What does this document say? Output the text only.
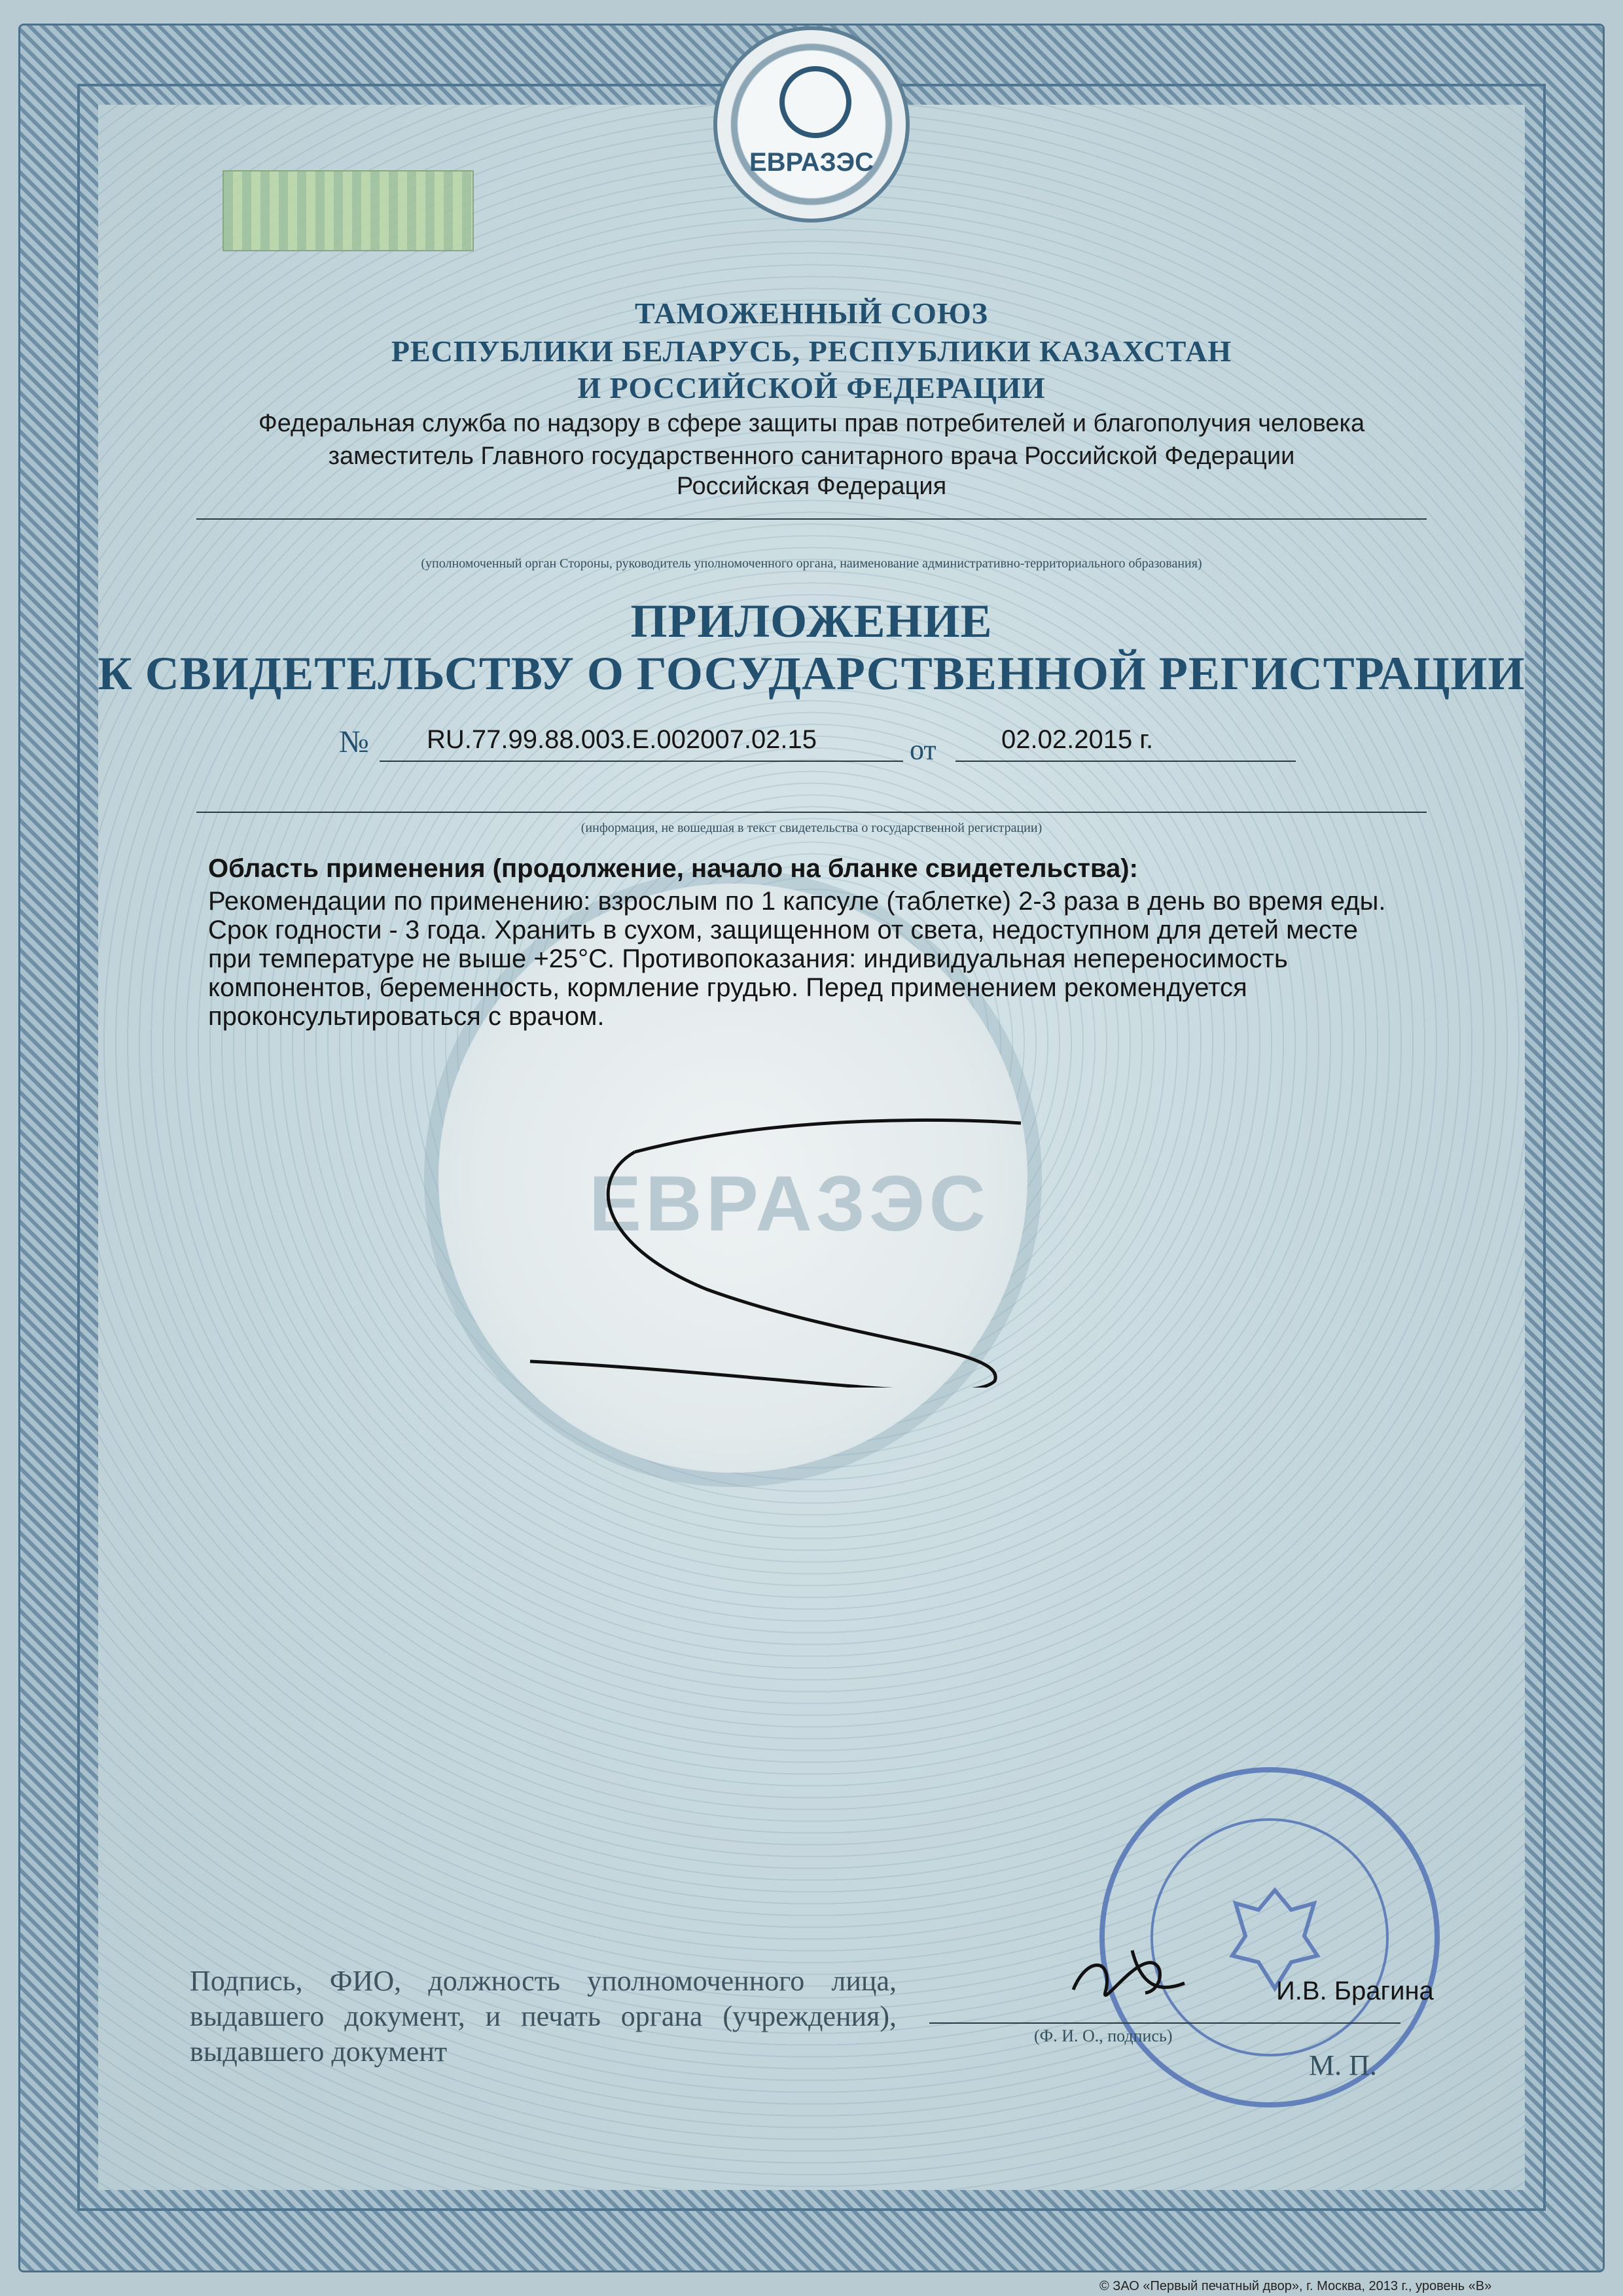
ЕВРАЗЭС
ЕВРАЗЭС
ТАМОЖЕННЫЙ СОЮЗ
РЕСПУБЛИКИ БЕЛАРУСЬ, РЕСПУБЛИКИ КАЗАХСТАН
И РОССИЙСКОЙ ФЕДЕРАЦИИ
Федеральная служба по надзору в сфере защиты прав потребителей и благополучия человека
заместитель Главного государственного санитарного врача Российской Федерации
Российская Федерация
(уполномоченный орган Стороны, руководитель уполномоченного органа, наименование административно-территориального образования)
ПРИЛОЖЕНИЕ
К СВИДЕТЕЛЬСТВУ О ГОСУДАРСТВЕННОЙ РЕГИСТРАЦИИ
№ RU.77.99.88.003.E.002007.02.15	от 02.02.2015 г.
(информация, не вошедшая в текст свидетельства о государственной регистрации)
Область применения (продолжение, начало на бланке свидетельства):
Рекомендации по применению: взрослым по 1 капсуле (таблетке) 2-3 раза в день во время еды.
Срок годности - 3 года. Хранить в сухом, защищенном от света, недоступном для детей месте
при температуре не выше +25°С. Противопоказания: индивидуальная непереносимость
компонентов, беременность, кормление грудью. Перед применением рекомендуется
проконсультироваться с врачом.
Подпись, ФИО, должность уполномоченного лица, выдавшего документ, и печать органа (учреждения), выдавшего документ
И.В. Брагина
(Ф. И. О., подпись)
М. П.
© ЗАО «Первый печатный двор», г. Москва, 2013 г., уровень «В»
